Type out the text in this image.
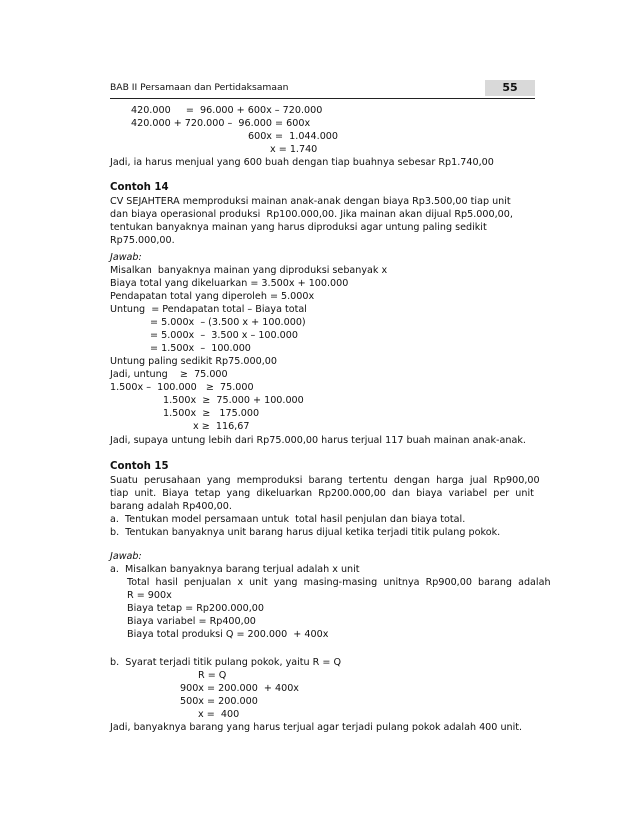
BAB II Persamaan dan Pertidaksamaan	55
420.000     =  96.000 + 600x – 720.000
420.000 + 720.000 –  96.000 = 600x
600x =  1.044.000
x = 1.740
Jadi, ia harus menjual yang 600 buah dengan tiap buahnya sebesar Rp1.740,00
Contoh 14
CV SEJAHTERA memproduksi mainan anak-anak dengan biaya Rp3.500,00 tiap unit
dan biaya operasional produksi  Rp100.000,00. Jika mainan akan dijual Rp5.000,00,
tentukan banyaknya mainan yang harus diproduksi agar untung paling sedikit
Rp75.000,00.
Jawab:
Misalkan  banyaknya mainan yang diproduksi sebanyak x
Biaya total yang dikeluarkan = 3.500x + 100.000
Pendapatan total yang diperoleh = 5.000x
Untung  = Pendapatan total – Biaya total
= 5.000x  – (3.500 x + 100.000)
= 5.000x  –  3.500 x – 100.000
= 1.500x  –  100.000
Untung paling sedikit Rp75.000,00
Jadi, untung    ≥  75.000
1.500x –  100.000   ≥  75.000
1.500x  ≥  75.000 + 100.000
1.500x  ≥   175.000
x ≥  116,67
Jadi, supaya untung lebih dari Rp75.000,00 harus terjual 117 buah mainan anak-anak.
Contoh 15
Suatu  perusahaan  yang  memproduksi  barang  tertentu  dengan  harga  jual  Rp900,00
tiap  unit.  Biaya  tetap  yang  dikeluarkan  Rp200.000,00  dan  biaya  variabel  per  unit
barang adalah Rp400,00.
a.  Tentukan model persamaan untuk  total hasil penjulan dan biaya total.
b.  Tentukan banyaknya unit barang harus dijual ketika terjadi titik pulang pokok.
Jawab:
a.  Misalkan banyaknya barang terjual adalah x unit
Total  hasil  penjualan  x  unit  yang  masing-masing  unitnya  Rp900,00  barang  adalah
R = 900x
Biaya tetap = Rp200.000,00
Biaya variabel = Rp400,00
Biaya total produksi Q = 200.000  + 400x
b.  Syarat terjadi titik pulang pokok, yaitu R = Q
R = Q
900x = 200.000  + 400x
500x = 200.000
x =  400
Jadi, banyaknya barang yang harus terjual agar terjadi pulang pokok adalah 400 unit.
